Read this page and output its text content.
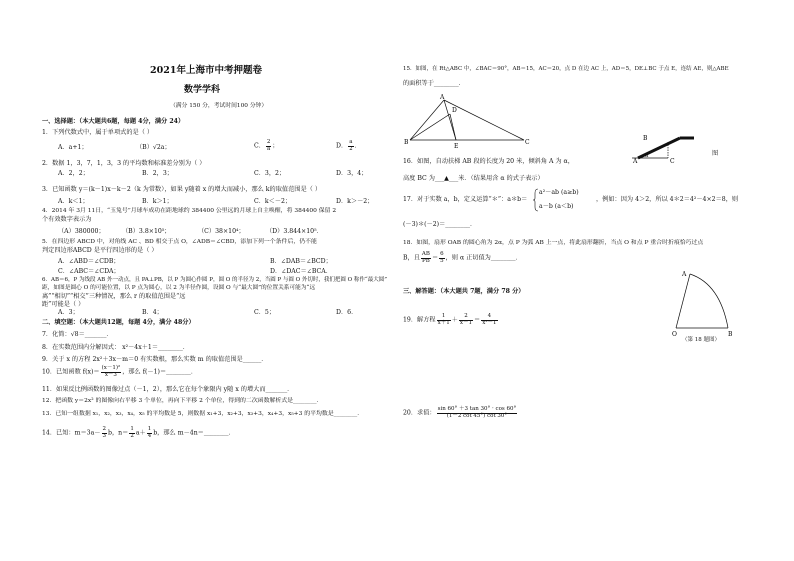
2021年上海市中考押题卷
数学学科
（满分 150 分，考试时间100 分钟）
一、选择题：（本大题共6题，每题 4分，满分 24）
1．下列代数式中，属于单项式的是（ ）
A．a+1；	（B）√2a；	C． $\frac{2}{a}$ ；	D． $\frac{a}{2}$ ．
2．数据 1，3，7，1，3，3 的平均数和标准差分别为（ ）
A．2，2；	B．2，3；	C．3，2；	D．3，4；
3．已知函数 y＝(k－1)x－k－2（k 为常数），如果 y随着 x 的增大而减小，那么 k的取值范围是（ ）
A．k＜1；	B．k＞1；	C．k＜－2；	D．k＞－2；
4．2014 年 3月 11日，“玉兔号”月球车成功在距地球约 384400 公里远的月球上自主唤醒，将 384400 保留 2
个有效数字表示为
（A）380000；	（B）3.8×10⁵；	（C）38×10⁴；	（D）3.844×10⁵．
5．在四边形 ABCD 中，对角线 AC 、BD 相交于点 O，∠ADB＝∠CBD，添加下列一个条件后，仍不能
判定四边形ABCD 是平行四边形的是（ ）
A．∠ABD＝∠CDB；	B．∠DAB＝∠BCD；
C．∠ABC＝∠CDA；	D．∠DAC＝∠BCA．
6．AB＝6，P 为线段 AB 外一动点，且 PA⊥PB，以 P 为圆心作圆 P，圆 O 的半径为 2，当圆 P 与圆 O 外切时，我们把圆 O 称作“最大圆”
距，如图是圆心 O 的可能位置，以 P 点为圆心，以 2 为半径作圆，设圆 O 与“最大圆”的位置关系可能为“远
离”“相切”“相交”三种情况，那么 r 的取值范围是“远
距”可能是（ ）
A．3；	B．4；	C．5；	D．6．
二、填空题：（本大题共12题，每题 4分，满分 48分）
7．化简：√8＝_______．
8．在实数范围内分解因式： x²－4x＋1＝________．
9．关于 x 的方程 2x²＋3x－m＝0 有实数根，那么实数 m 的取值范围是______．
10．已知函数 $f(x)= \frac{\text{(x－1)²}}{x-3}$ ，那么 f(－1)＝________．
11．如果反比例函数的图像过点（－1，2），那么它在每个象限内 y随 x 的增大而_______．
12．把函数 y＝2x² 的图像向右平移 3 个单位，再向下平移 2 个单位，得到的二次函数解析式是________．
13．已知一组数据 x₁，x₂，x₃，x₄，x₅ 的平均数是 5，则数据 x₁+3，x₂+3，x₃+3，x₄+3，x₅+3 的平均数是________．
14．已知：$m=3a- \frac{2}{3}$ b，$n= \frac{1}{2} a+ \frac{1}{4}$ b，那么 m－4n＝________．
15．如图，在 Rt△ABC 中，∠BAC＝90°，AB＝15，AC＝20，点 D 在边 AC 上，AD＝5，DE⊥BC 于点 E，连结 AE，则△ABE
的面积等于________．
A
B	C
D
E
B
A	C
α	图
16．如图，自动扶梯 AB 段的长度为 20 米，倾斜角 A 为 α，
高度 BC 为___▲___米．（结果用含 α 的式子表示）
17．对于实数 a，b，定义运算“＊”：a＊b＝
a²－ab (a≥b)
a－b (a＜b)
，例如：因为 4＞2，所以 4＊2＝4²－4×2＝8，则
(－3)＊(－2)＝________．
18．如图，扇形 OAB 的圆心角为 2α，点 P 为弧 AB 上一点，将此扇形翻折，当点 O 和点 P 重合时折痕恰巧过点
B，且 $\frac{AB}{PB} = \frac{6}{5}$ ，则 α 正切值为________．
三、解答题：（本大题共 7题，满分 78 分）
19．解方程 $\frac{1}{x+1} + \frac{2}{x-1} = \frac{4}{\text{x²－1}}$
A
O	B
（第 18 题图）
20．求值： $\frac{\sin 60^\circ +3 \tan 30^\circ \cdot \cos 60^\circ}{(1-2 \cot 45^\circ) \cot 30^\circ}$
